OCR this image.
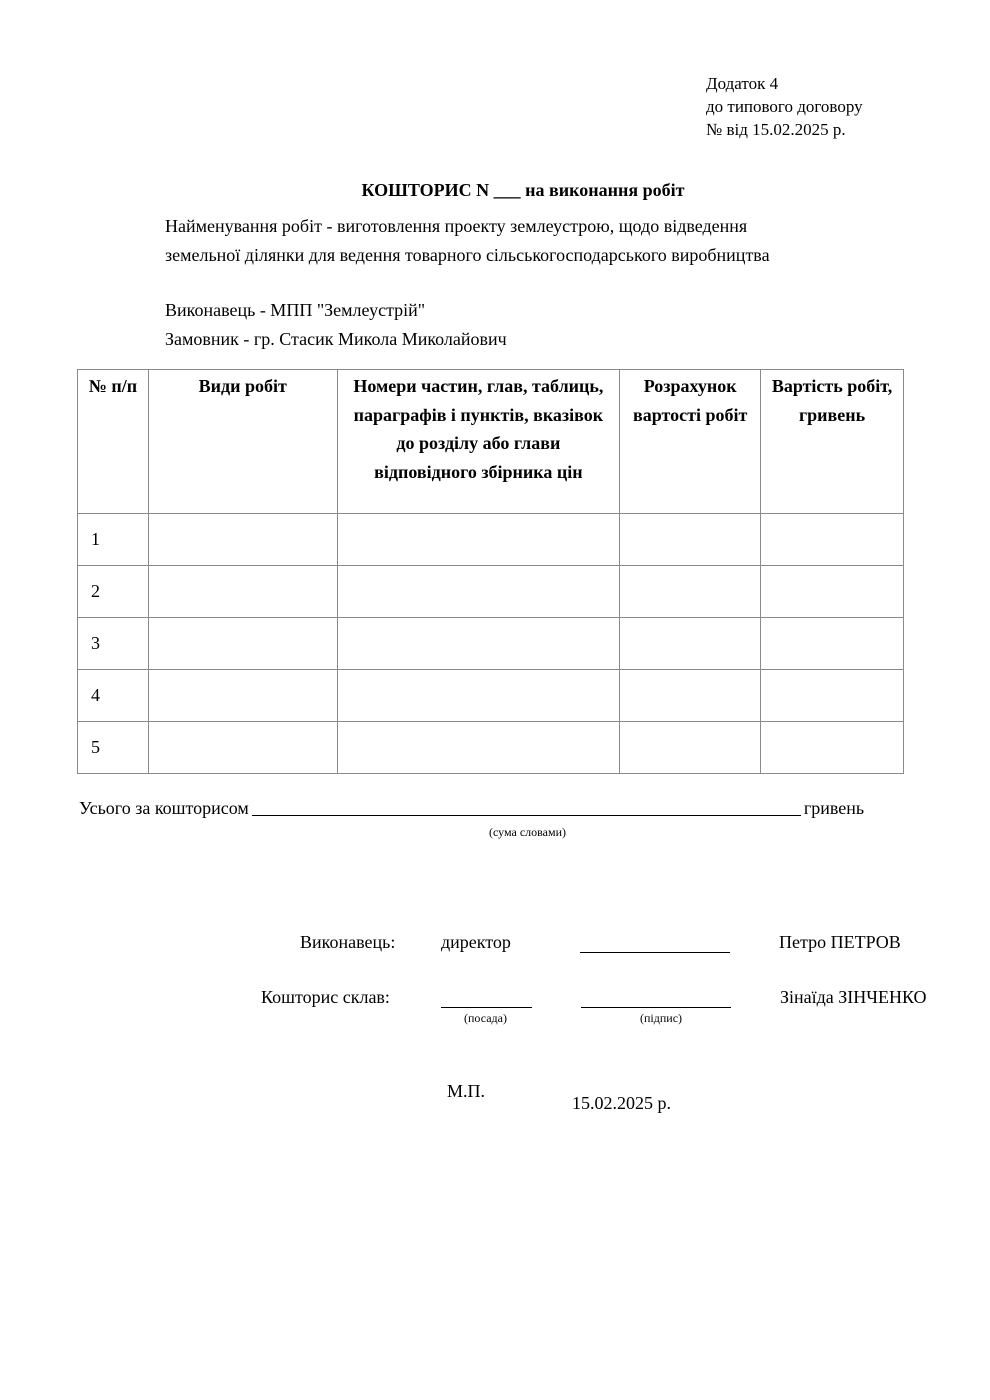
Додаток 4
до типового договору
№ від 15.02.2025 р.
КОШТОРИС N ___ на виконання робіт
Найменування робіт - виготовлення проекту землеустрою, щодо відведення
земельної ділянки для ведення товарного сільськогосподарського виробництва
Виконавець - МПП "Землеустрій"
Замовник - гр. Стасик Микола Миколайович
№ п/п	Види робіт	Номери частин, глав, таблиць, параграфів і пунктів, вказівок до розділу або глави відповідного збірника цін	Розрахунок вартості робіт	Вартість робіт, гривень
1				
2				
3				
4				
5				
Усього за кошторисом	гривень
(сума словами)
Виконавець:	директор	Петро ПЕТРОВ
Кошторис склав:	Зінаїда ЗІНЧЕНКО
(посада)	(підпис)
М.П.
15.02.2025 р.
